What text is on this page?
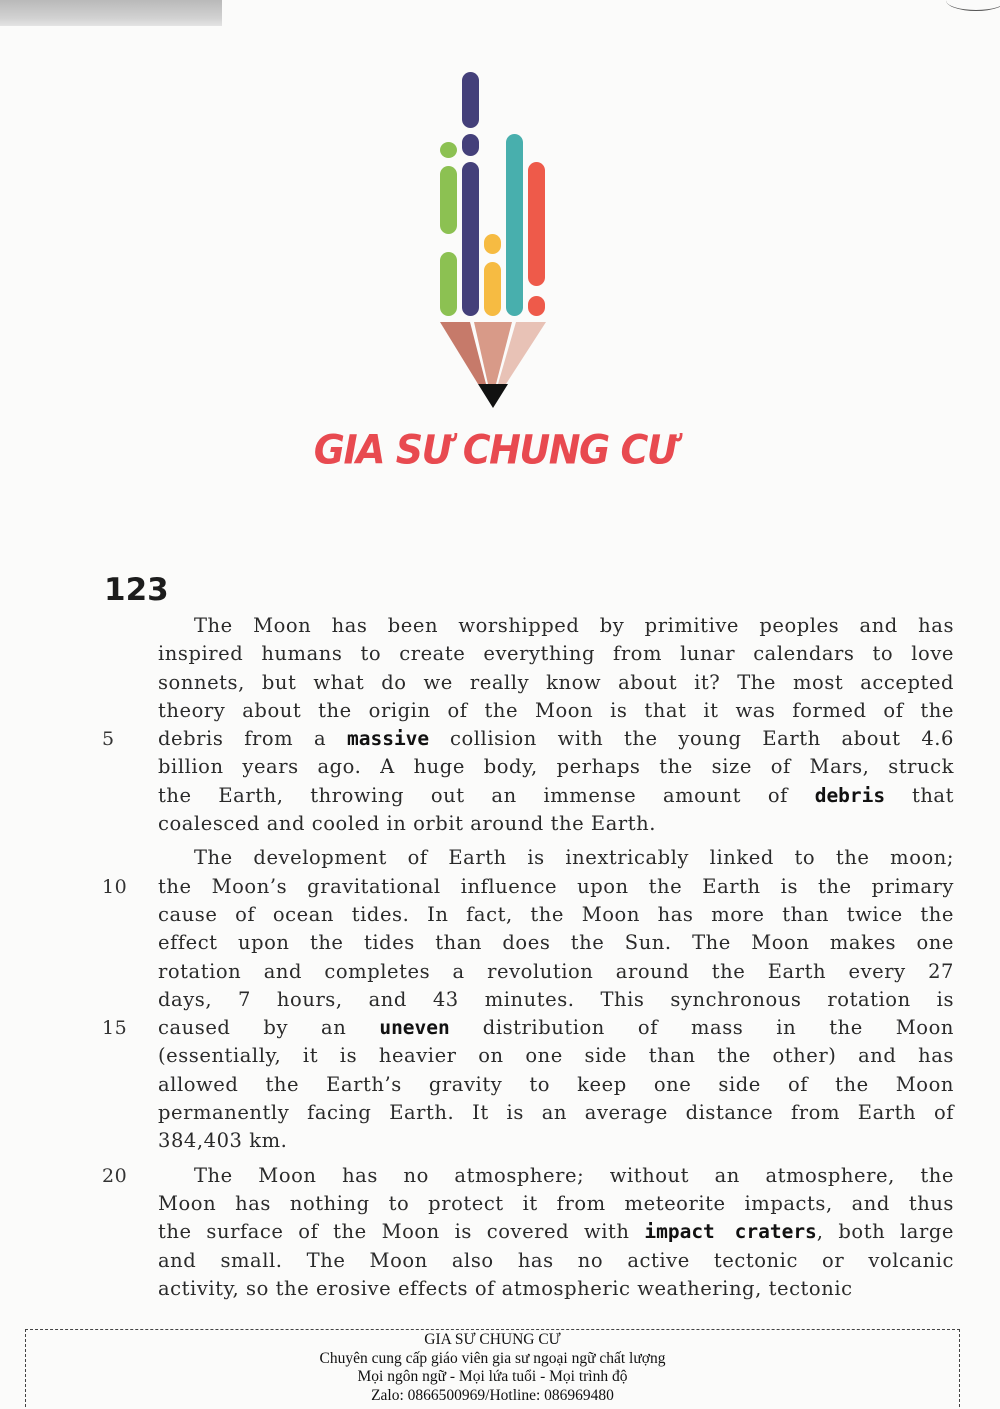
GIA SƯ CHUNG CƯ
123
The Moon has been worshipped by primitive peoples and has
inspired humans to create everything from lunar calendars to love
sonnets, but what do we really know about it? The most accepted
theory about the origin of the Moon is that it was formed of the
5 debris from a massive collision with the young Earth about 4.6
billion years ago. A huge body, perhaps the size of Mars, struck
the Earth, throwing out an immense amount of debris that
coalesced and cooled in orbit around the Earth.
The development of Earth is inextricably linked to the moon;
10 the Moon’s gravitational influence upon the Earth is the primary
cause of ocean tides. In fact, the Moon has more than twice the
effect upon the tides than does the Sun. The Moon makes one
rotation and completes a revolution around the Earth every 27
days, 7 hours, and 43 minutes. This synchronous rotation is
15 caused by an uneven distribution of mass in the Moon
(essentially, it is heavier on one side than the other) and has
allowed the Earth’s gravity to keep one side of the Moon
permanently facing Earth. It is an average distance from Earth of
384,403 km.
20	The Moon has no atmosphere; without an atmosphere, the
Moon has nothing to protect it from meteorite impacts, and thus
the surface of the Moon is covered with impact craters, both large
and small. The Moon also has no active tectonic or volcanic
activity, so the erosive effects of atmospheric weathering, tectonic
GIA SƯ CHUNG CƯ
Chuyên cung cấp giáo viên gia sư ngoại ngữ chất lượng
Mọi ngôn ngữ - Mọi lứa tuổi - Mọi trình độ
Zalo: 0866500969/Hotline: 086969480
